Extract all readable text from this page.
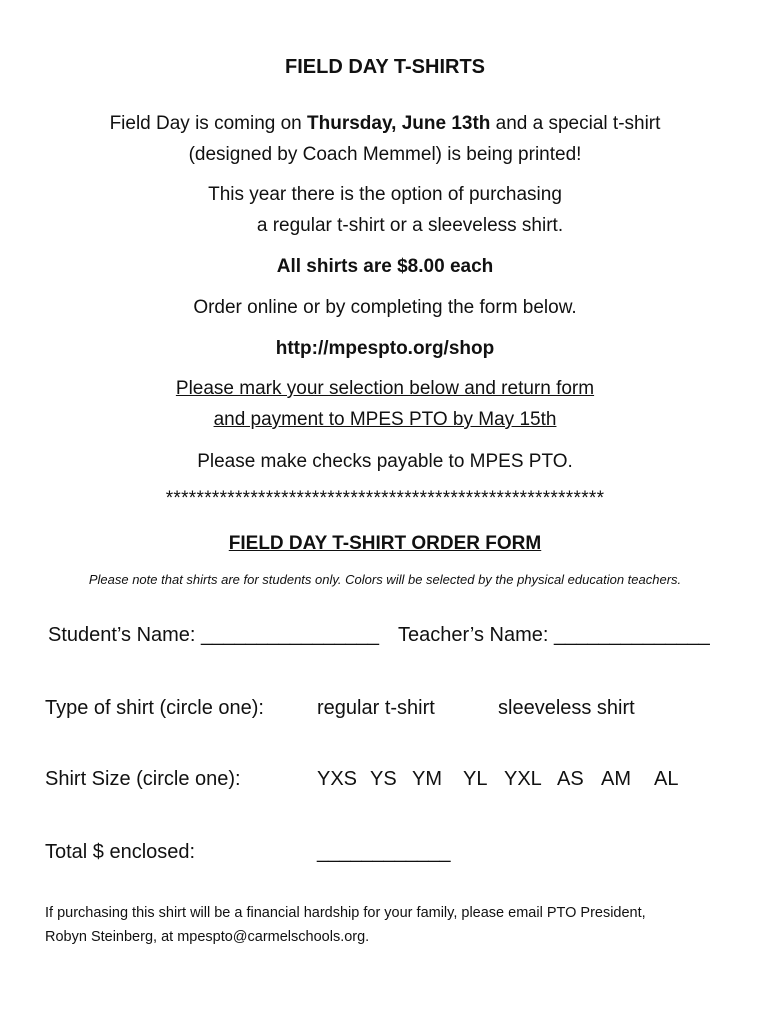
FIELD DAY T-SHIRTS
Field Day is coming on Thursday, June 13th and a special t-shirt
(designed by Coach Memmel) is being printed!
This year there is the option of purchasing
a regular t-shirt or a sleeveless shirt.
All shirts are $8.00 each
Order online or by completing the form below.
http://mpespto.org/shop
Please mark your selection below and return form
and payment to MPES PTO by May 15th
Please make checks payable to MPES PTO.
*********************************************************
FIELD DAY T-SHIRT ORDER FORM
Please note that shirts are for students only. Colors will be selected by the physical education teachers.
Student’s Name: ________________ Teacher’s Name: ______________
Type of shirt (circle one):	regular t-shirt	sleeveless shirt
Shirt Size (circle one):	YXS YS YM YL YXL AS AM AL
Total $ enclosed:	____________
If purchasing this shirt will be a financial hardship for your family, please email PTO President,
Robyn Steinberg, at mpespto@carmelschools.org.
